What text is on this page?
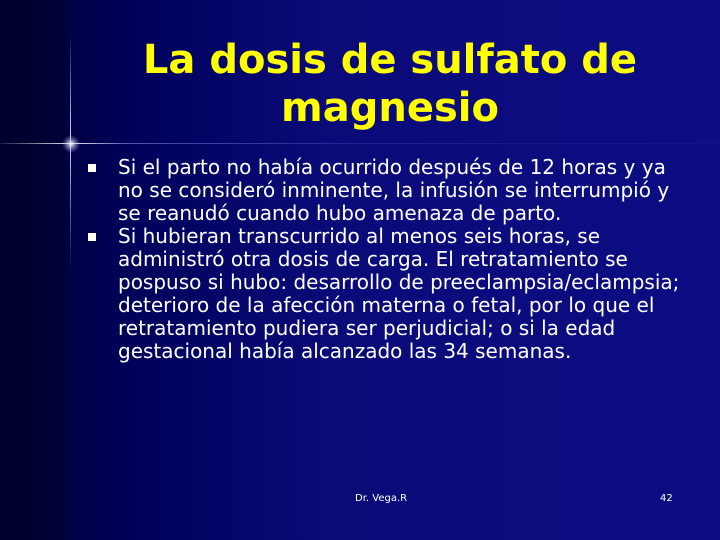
La dosis de sulfato de magnesio
Si el parto no había ocurrido después de 12 horas y ya no se consideró inminente, la infusión se interrumpió y se reanudó cuando hubo amenaza de parto.
Si hubieran transcurrido al menos seis horas, se administró otra dosis de carga. El retratamiento se pospuso si hubo: desarrollo de preeclampsia/eclampsia; deterioro de la afección materna o fetal, por lo que el retratamiento pudiera ser perjudicial; o si la edad gestacional había alcanzado las 34 semanas.
Dr. Vega.R	42
